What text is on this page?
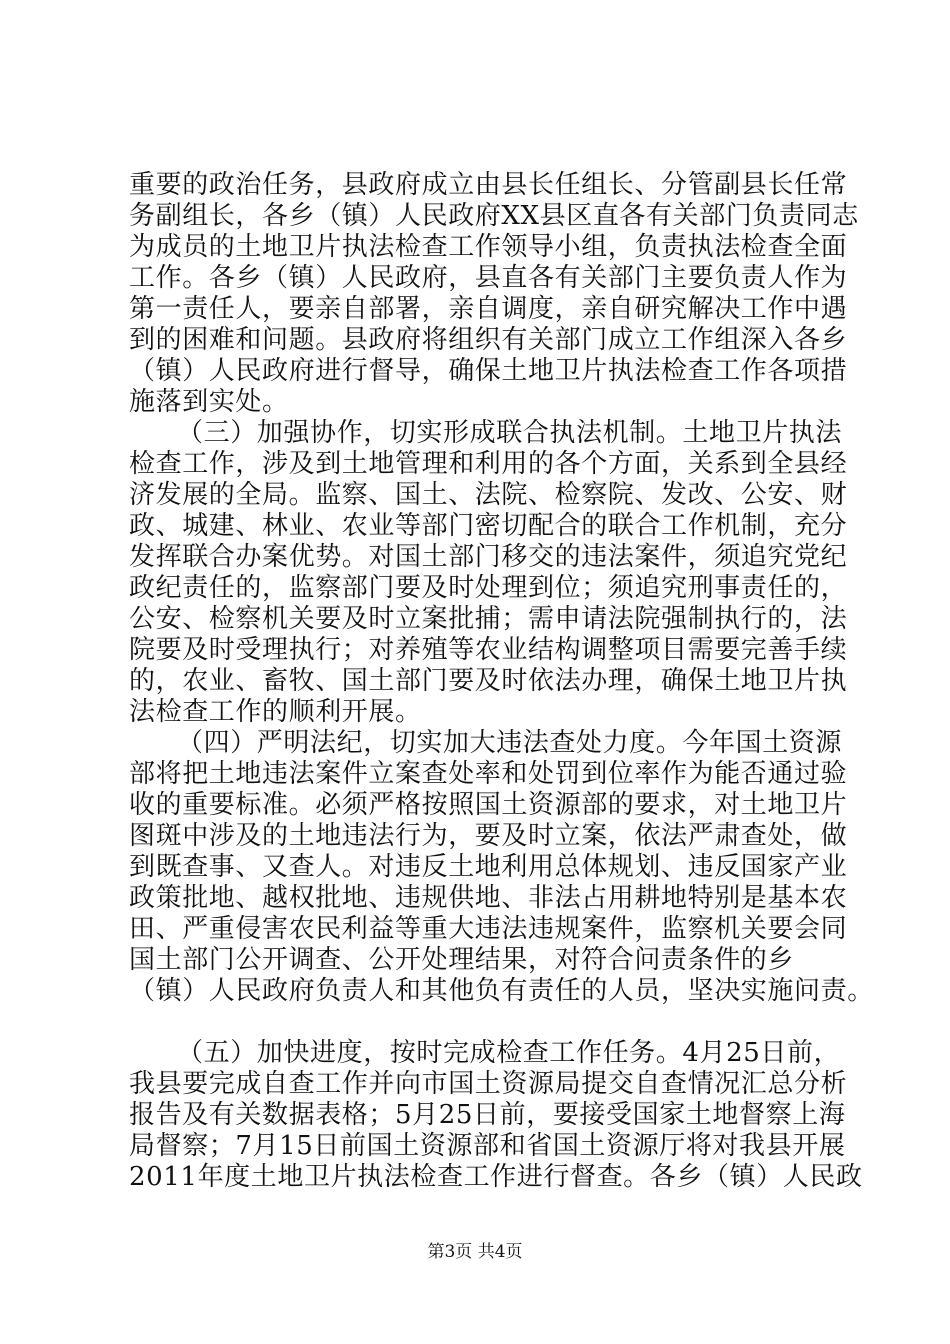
重要的政治任务，县政府成立由县长任组长、分管副县长任常
务副组长，各乡（镇）人民政府XX县区直各有关部门负责同志
为成员的土地卫片执法检查工作领导小组，负责执法检查全面
工作。各乡（镇）人民政府，县直各有关部门主要负责人作为
第一责任人，要亲自部署，亲自调度，亲自研究解决工作中遇
到的困难和问题。县政府将组织有关部门成立工作组深入各乡
（镇）人民政府进行督导，确保土地卫片执法检查工作各项措
施落到实处。
（三）加强协作，切实形成联合执法机制。土地卫片执法
检查工作，涉及到土地管理和利用的各个方面，关系到全县经
济发展的全局。监察、国土、法院、检察院、发改、公安、财
政、城建、林业、农业等部门密切配合的联合工作机制，充分
发挥联合办案优势。对国土部门移交的违法案件，须追究党纪
政纪责任的，监察部门要及时处理到位；须追究刑事责任的，
公安、检察机关要及时立案批捕；需申请法院强制执行的，法
院要及时受理执行；对养殖等农业结构调整项目需要完善手续
的，农业、畜牧、国土部门要及时依法办理，确保土地卫片执
法检查工作的顺利开展。
（四）严明法纪，切实加大违法查处力度。今年国土资源
部将把土地违法案件立案查处率和处罚到位率作为能否通过验
收的重要标准。必须严格按照国土资源部的要求，对土地卫片
图斑中涉及的土地违法行为，要及时立案，依法严肃查处，做
到既查事、又查人。对违反土地利用总体规划、违反国家产业
政策批地、越权批地、违规供地、非法占用耕地特别是基本农
田、严重侵害农民利益等重大违法违规案件，监察机关要会同
国土部门公开调查、公开处理结果，对符合问责条件的乡
（镇）人民政府负责人和其他负有责任的人员，坚决实施问责。
（五）加快进度，按时完成检查工作任务。4月25日前，
我县要完成自查工作并向市国土资源局提交自查情况汇总分析
报告及有关数据表格；5月25日前，要接受国家土地督察上海
局督察；7月15日前国土资源部和省国土资源厅将对我县开展
2011年度土地卫片执法检查工作进行督查。各乡（镇）人民政
第3页 共4页
